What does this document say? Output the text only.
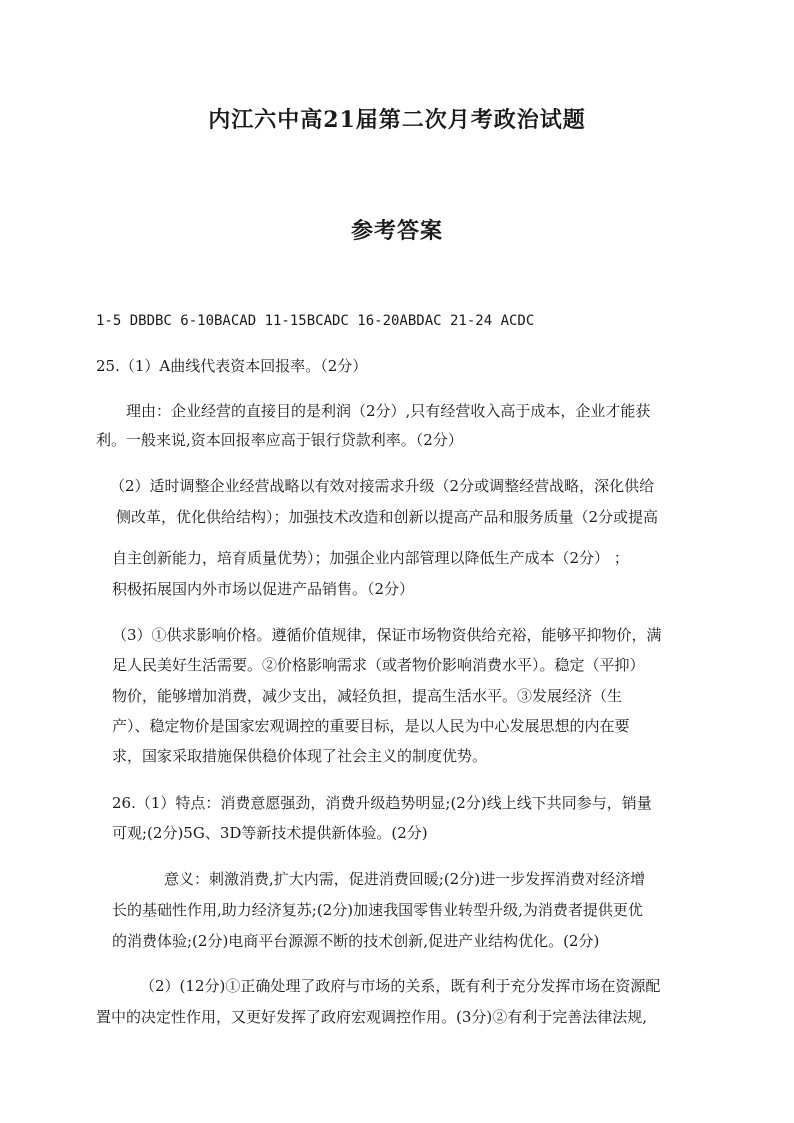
内江六中高21届第二次月考政治试题
参考答案
1-5 DBDBC 6-10BACAD 11-15BCADC 16-20ABDAC 21-24 ACDC
25.（1）A曲线代表资本回报率。（2分）
理由：企业经营的直接目的是利润（2分）,只有经营收入高于成本，企业才能获
利。一般来说,资本回报率应高于银行贷款利率。（2分）
（2）适时调整企业经营战略以有效对接需求升级（2分或调整经营战略，深化供给
侧改革，优化供给结构）；加强技术改造和创新以提高产品和服务质量（2分或提高
自主创新能力，培育质量优势）；加强企业内部管理以降低生产成本（2分） ；
积极拓展国内外市场以促进产品销售。（2分）
（3）①供求影响价格。遵循价值规律，保证市场物资供给充裕，能够平抑物价，满
足人民美好生活需要。②价格影响需求（或者物价影响消费水平）。稳定（平抑）
物价，能够增加消费，减少支出，减轻负担，提高生活水平。③发展经济（生
产）、稳定物价是国家宏观调控的重要目标，是以人民为中心发展思想的内在要
求，国家采取措施保供稳价体现了社会主义的制度优势。
26.（1）特点：消费意愿强劲，消费升级趋势明显;(2分)线上线下共同参与，销量
可观;(2分)5G、3D等新技术提供新体验。(2分)
意义：刺激消费,扩大内需，促进消费回暖;(2分)进一步发挥消费对经济增
长的基础性作用,助力经济复苏;(2分)加速我国零售业转型升级,为消费者提供更优
的消费体验;(2分)电商平台源源不断的技术创新,促进产业结构优化。(2分)
（2）(12分)①正确处理了政府与市场的关系，既有利于充分发挥市场在资源配
置中的决定性作用，又更好发挥了政府宏观调控作用。(3分)②有利于完善法律法规,
